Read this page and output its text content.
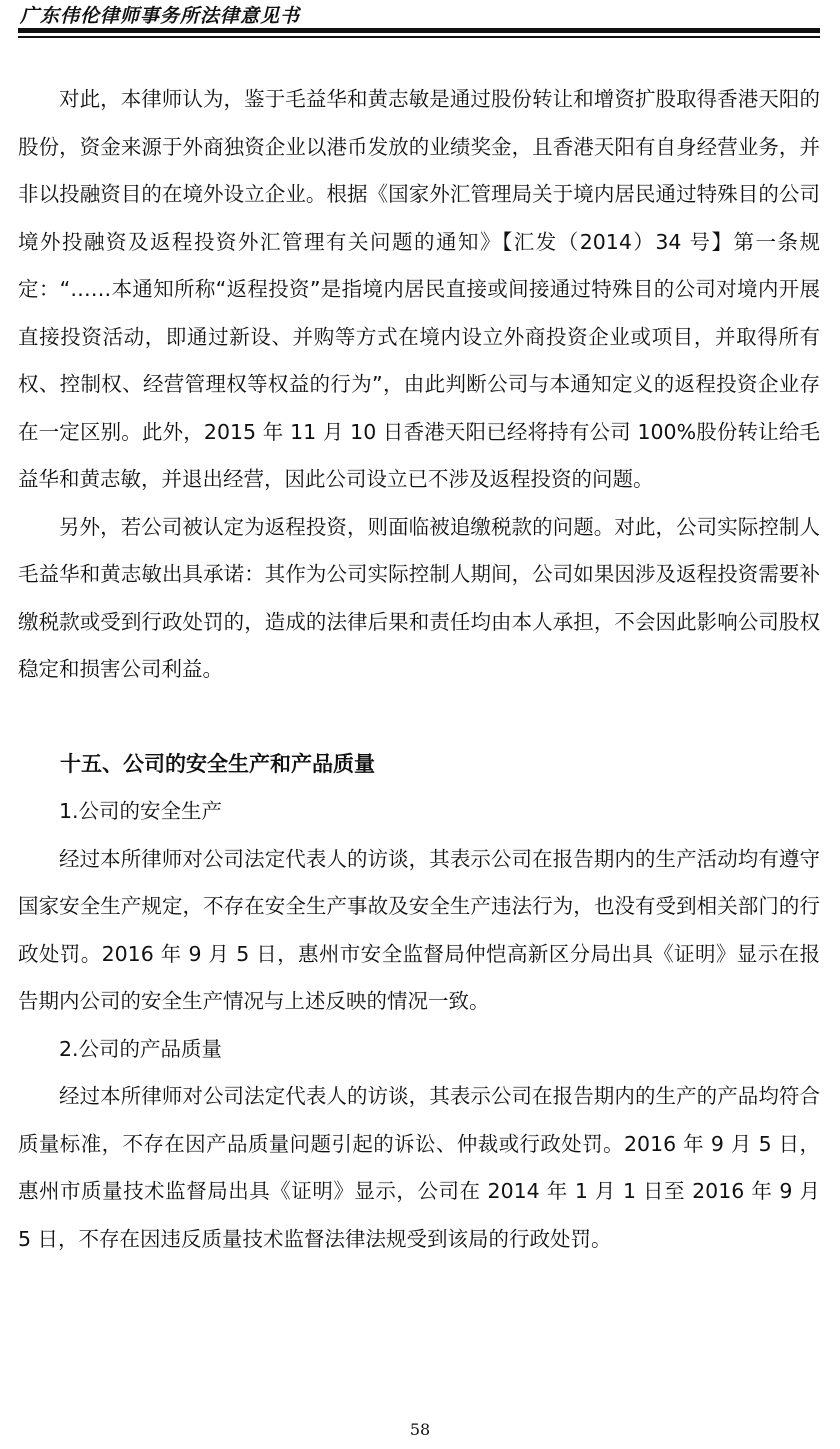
广东伟伦律师事务所法律意见书

对此，本律师认为，鉴于毛益华和黄志敏是通过股份转让和增资扩股取得香港天阳的股份，资金来源于外商独资企业以港币发放的业绩奖金，且香港天阳有自身经营业务，并非以投融资目的在境外设立企业。根据《国家外汇管理局关于境内居民通过特殊目的公司境外投融资及返程投资外汇管理有关问题的通知》【汇发（2014）34 号】第一条规定：“……本通知所称“返程投资”是指境内居民直接或间接通过特殊目的公司对境内开展直接投资活动，即通过新设、并购等方式在境内设立外商投资企业或项目，并取得所有权、控制权、经营管理权等权益的行为”，由此判断公司与本通知定义的返程投资企业存在一定区别。此外，2015 年 11 月 10 日香港天阳已经将持有公司 100%股份转让给毛益华和黄志敏，并退出经营，因此公司设立已不涉及返程投资的问题。

另外，若公司被认定为返程投资，则面临被追缴税款的问题。对此，公司实际控制人毛益华和黄志敏出具承诺：其作为公司实际控制人期间，公司如果因涉及返程投资需要补缴税款或受到行政处罚的，造成的法律后果和责任均由本人承担，不会因此影响公司股权稳定和损害公司利益。

十五、公司的安全生产和产品质量
1.公司的安全生产

经过本所律师对公司法定代表人的访谈，其表示公司在报告期内的生产活动均有遵守国家安全生产规定，不存在安全生产事故及安全生产违法行为，也没有受到相关部门的行政处罚。2016 年 9 月 5 日，惠州市安全监督局仲恺高新区分局出具《证明》显示在报告期内公司的安全生产情况与上述反映的情况一致。

2.公司的产品质量

经过本所律师对公司法定代表人的访谈，其表示公司在报告期内的生产的产品均符合质量标准，不存在因产品质量问题引起的诉讼、仲裁或行政处罚。2016 年 9 月 5 日，惠州市质量技术监督局出具《证明》显示，公司在 2014 年 1 月 1 日至 2016 年 9 月 5 日，不存在因违反质量技术监督法律法规受到该局的行政处罚。

58
